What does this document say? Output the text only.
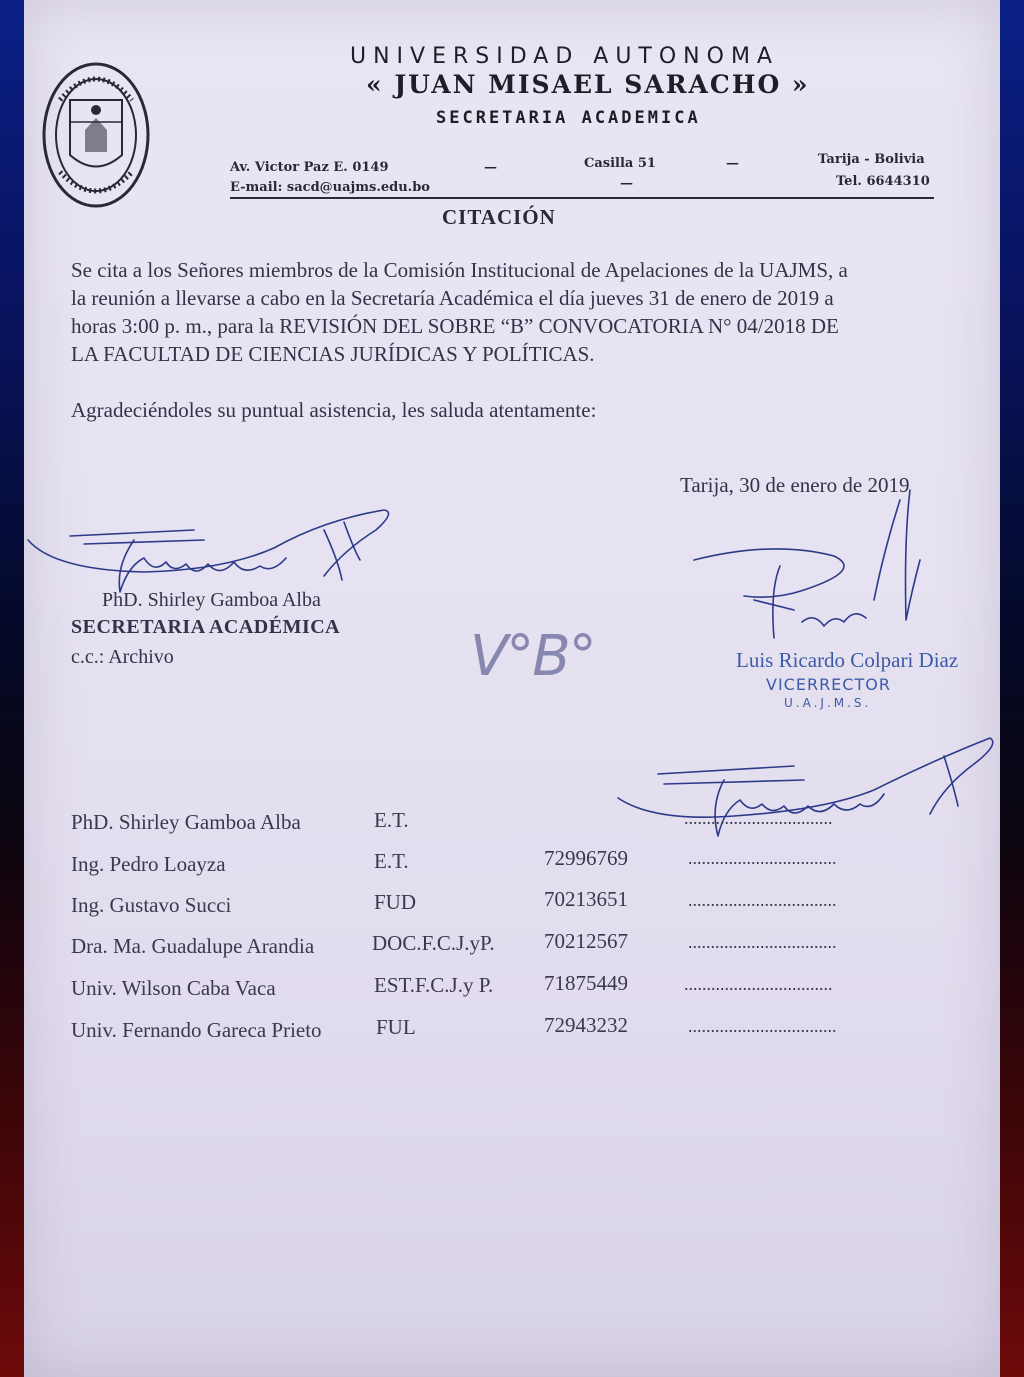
UNIVERSIDAD AUTONOMA
« JUAN MISAEL SARACHO »
SECRETARIA ACADEMICA
Av. Victor Paz E. 0149
E-mail: sacd@uajms.edu.bo
—	Casilla 51
—
—	Tarija - Bolivia
Tel. 6644310
CITACIÓN
Se cita a los Señores miembros de la Comisión Institucional de Apelaciones de la UAJMS, a
la reunión a llevarse a cabo en la Secretaría Académica el día jueves 31 de enero de 2019 a
horas 3:00 p. m., para la REVISIÓN DEL SOBRE “B” CONVOCATORIA N° 04/2018 DE
LA FACULTAD DE CIENCIAS JURÍDICAS Y POLÍTICAS.
Agradeciéndoles su puntual asistencia, les saluda atentamente:
Tarija, 30 de enero de 2019
PhD. Shirley Gamboa Alba
SECRETARIA ACADÉMICA
c.c.: Archivo	V°B°	Luis Ricardo Colpari Diaz
VICERRECTOR
U.A.J.M.S.
PhD. Shirley Gamboa Alba	E.T.	.................................
Ing. Pedro Loayza	E.T.	72996769	.................................
Ing. Gustavo Succi	FUD	70213651	.................................
Dra. Ma. Guadalupe Arandia	DOC.F.C.J.yP. 70212567	.................................
Univ. Wilson Caba Vaca	EST.F.C.J.y P. 71875449	.................................
Univ. Fernando Gareca Prieto	FUL	72943232	.................................
